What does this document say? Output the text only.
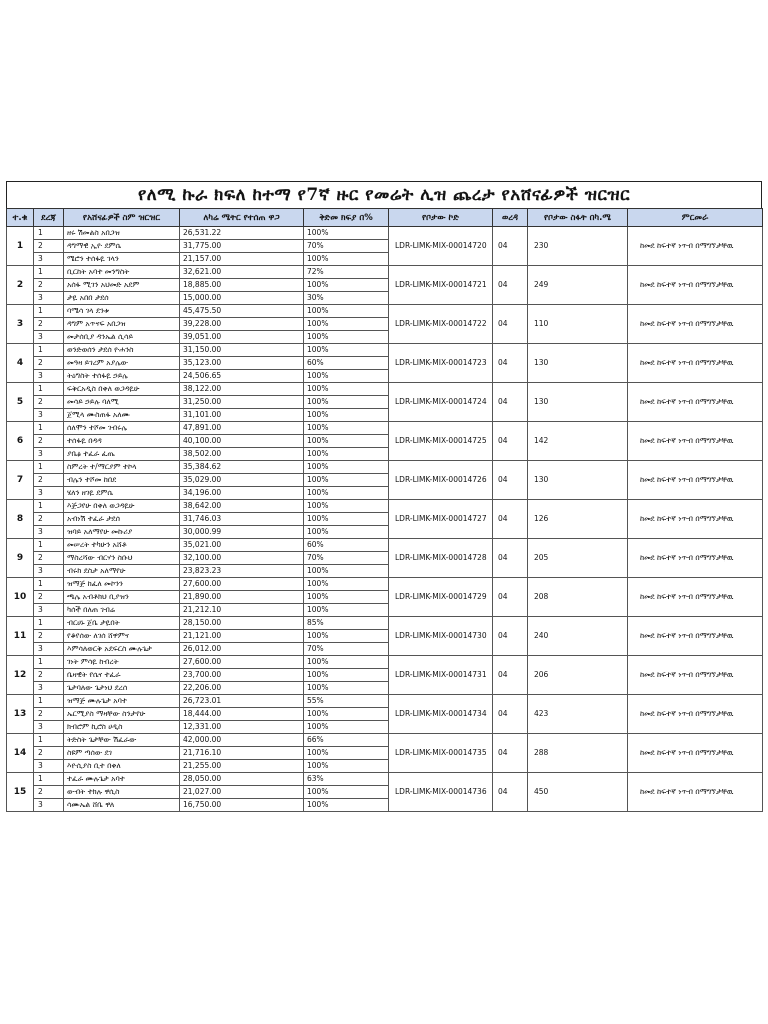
የለሚ ኩራ ክፍለ ከተማ የ7ኛ ዙር የመሬት ሊዝ ጨረታ የአሸናፊዎች ዝርዝር
ተ.ቁ	ደረጃ	የአሸናፊዎች ስም ዝርዝር	ለካሬ ሜትር የተሰጠ ዋጋ	ቅድመ ክፍያ በ%	የቦታው ኮድ	ወረዳ	የቦታው ስፋት በካ.ሜ	ምርመራ
1	1	ዘሩ ሽመልስ አበጋዝ	26,531.22	100%	LDR-LIMK-MIX-00014720	04	230	ከመደ ከፍተኛ ነጥብ በማግኘታቸዉ
	2	ዳግማዊ ኢዮ ደምሴ	31,775.00	70%				
	3	ሜሮን ተሰፋዬ ገላን	21,157.00	100%				
2	1	ቢርከት አባተ መንግስት	32,621.00	72%	LDR-LIMK-MIX-00014721	04	249	ከመደ ከፍተኛ ነጥብ በማግኘታቸዉ
	2	አሰፋ ሚገን አህመድ አደም	18,885.00	100%				
	3	ታዬ አበበ ታደሰ	15,000.00	30%				
3	1	ባሜሳ ገላ ደንቱ	45,475.50	100%	LDR-LIMK-MIX-00014722	04	110	ከመደ ከፍተኛ ነጥብ በማግኘታቸዉ
	2	ዳግም አጥናፍ አበጋዝ	39,228.00	100%				
	3	መታሰቢያ ዳንኤል ሲሳይ	39,051.00	100%				
4	1	ወንድወሰን ታደሰ ዮሐንስ	31,150.00	100%	LDR-LIMK-MIX-00014723	04	130	ከመደ ከፍተኛ ነጥብ በማግኘታቸዉ
	2	መዓዛ ይገረም አያሌው	35,123.00	60%				
	3	ትዕግስት ተሰፋዬ ኃይሌ	24,506.65	100%				
5	1	ፍቅርአዲስ በቀለ ወጋዳዬሁ	38,122.00	100%	LDR-LIMK-MIX-00014724	04	130	ከመደ ከፍተኛ ነጥብ በማግኘታቸዉ
	2	መሳይ ኃይሉ ባለሚ	31,250.00	100%				
	3	ጀሚላ ሙስጠፋ አለሙ	31,101.00	100%				
6	1	ሰለሞን ተሾመ ገብሩሌ	47,891.00	100%	LDR-LIMK-MIX-00014725	04	142	ከመደ ከፍተኛ ነጥብ በማግኘታቸዉ
	2	ተሰፋዬ በዳዳ	40,100.00	100%				
	3	ያቤፅ ተፈራ ፈጤ	38,502.00	100%				
7	1	ስምረት ተ/ማርያም ተኮላ	35,384.62	100%	LDR-LIMK-MIX-00014726	04	130	ከመደ ከፍተኛ ነጥብ በማግኘታቸዉ
	2	ብሌን ተሾመ ከበደ	35,029.00	100%				
	3	ሄለን ዘገዬ ደምሴ	34,196.00	100%				
8	1	እጅጋየሁ በቀለ ወጋዳዬሁ	38,642.00	100%	LDR-LIMK-MIX-00014727	04	126	ከመደ ከፍተኛ ነጥብ በማግኘታቸዉ
	2	አብነሽ ተፈራ ታደሰ	31,746.03	100%				
	3	ዝባይ አለማየሁ መኩሪያ	30,000.99	100%				
9	1	መሠረት ተካሁን አሸቶ	35,021.00	60%	LDR-LIMK-MIX-00014728	04	205	ከመደ ከፍተኛ ነጥብ በማግኘታቸዉ
	2	ማስረሻው ብርሃን ስቡህ	32,100.00	70%				
	3	ብሩክ ደስታ አለማየሁ	23,823.23	100%				
10	1	ዝማጅ ከፈለ መኮንን	27,600.00	100%	LDR-LIMK-MIX-00014729	04	208	ከመደ ከፍተኛ ነጥብ በማግኘታቸዉ
	2	ጫሌ አብቶክህ ቢያዝን	21,890.00	100%				
	3	ካሰች በለጠ ገብሬ	21,212.10	100%				
11	1	ብርሀኑ ጀቤ ታዬበት	28,150.00	85%	LDR-LIMK-MIX-00014730	04	240	ከመደ ከፍተኛ ነጥብ በማግኘታቸዉ
	2	የቆየሰው ለገሰ ሸዋምና	21,121.00	100%				
	3	እምሳለወርቅ አደፍርስ ሙሉጌታ	26,012.00	70%				
12	1	ገነት ምሳዬ ከብረት	27,600.00	100%	LDR-LIMK-MIX-00014731	04	206	ከመደ ከፍተኛ ነጥብ በማግኘታቸዉ
	2	ቤዛዊት የሴና ተፈራ	23,700.00	100%				
	3	ጌታባለው ጌታነህ ደረሰ	22,206.00	100%				
13	1	ዝማጅ ሙሉጌታ አባተ	26,723.01	55%	LDR-LIMK-MIX-00014734	04	423	ከመደ ከፍተኛ ነጥብ በማግኘታቸዉ
	2	ኤርሚያስ ማዛቸው ስንታየሁ	18,444.00	100%				
	3	ክብሮም ኪሮስ ሀዲስ	12,331.00	100%				
14	1	ትድስት ጌታቸው ሽፈራው	42,000.00	66%	LDR-LIMK-MIX-00014735	04	288	ከመደ ከፍተኛ ነጥብ በማግኘታቸዉ
	2	ስዩም ጣሰው ደገ	21,716.10	100%				
	3	እዮሲያስ ቢተ በቀለ	21,255.00	100%				
15	1	ተፈራ ሙሉጌታ አባተ	28,050.00	63%	LDR-LIMK-MIX-00014736	04	450	ከመደ ከፍተኛ ነጥብ በማግኘታቸዉ
	2	ውብት ተክሉ ዋሲስ	21,027.00	100%				
	3	ሳሙኤል ሸቤ ዋለ	16,750.00	100%				
